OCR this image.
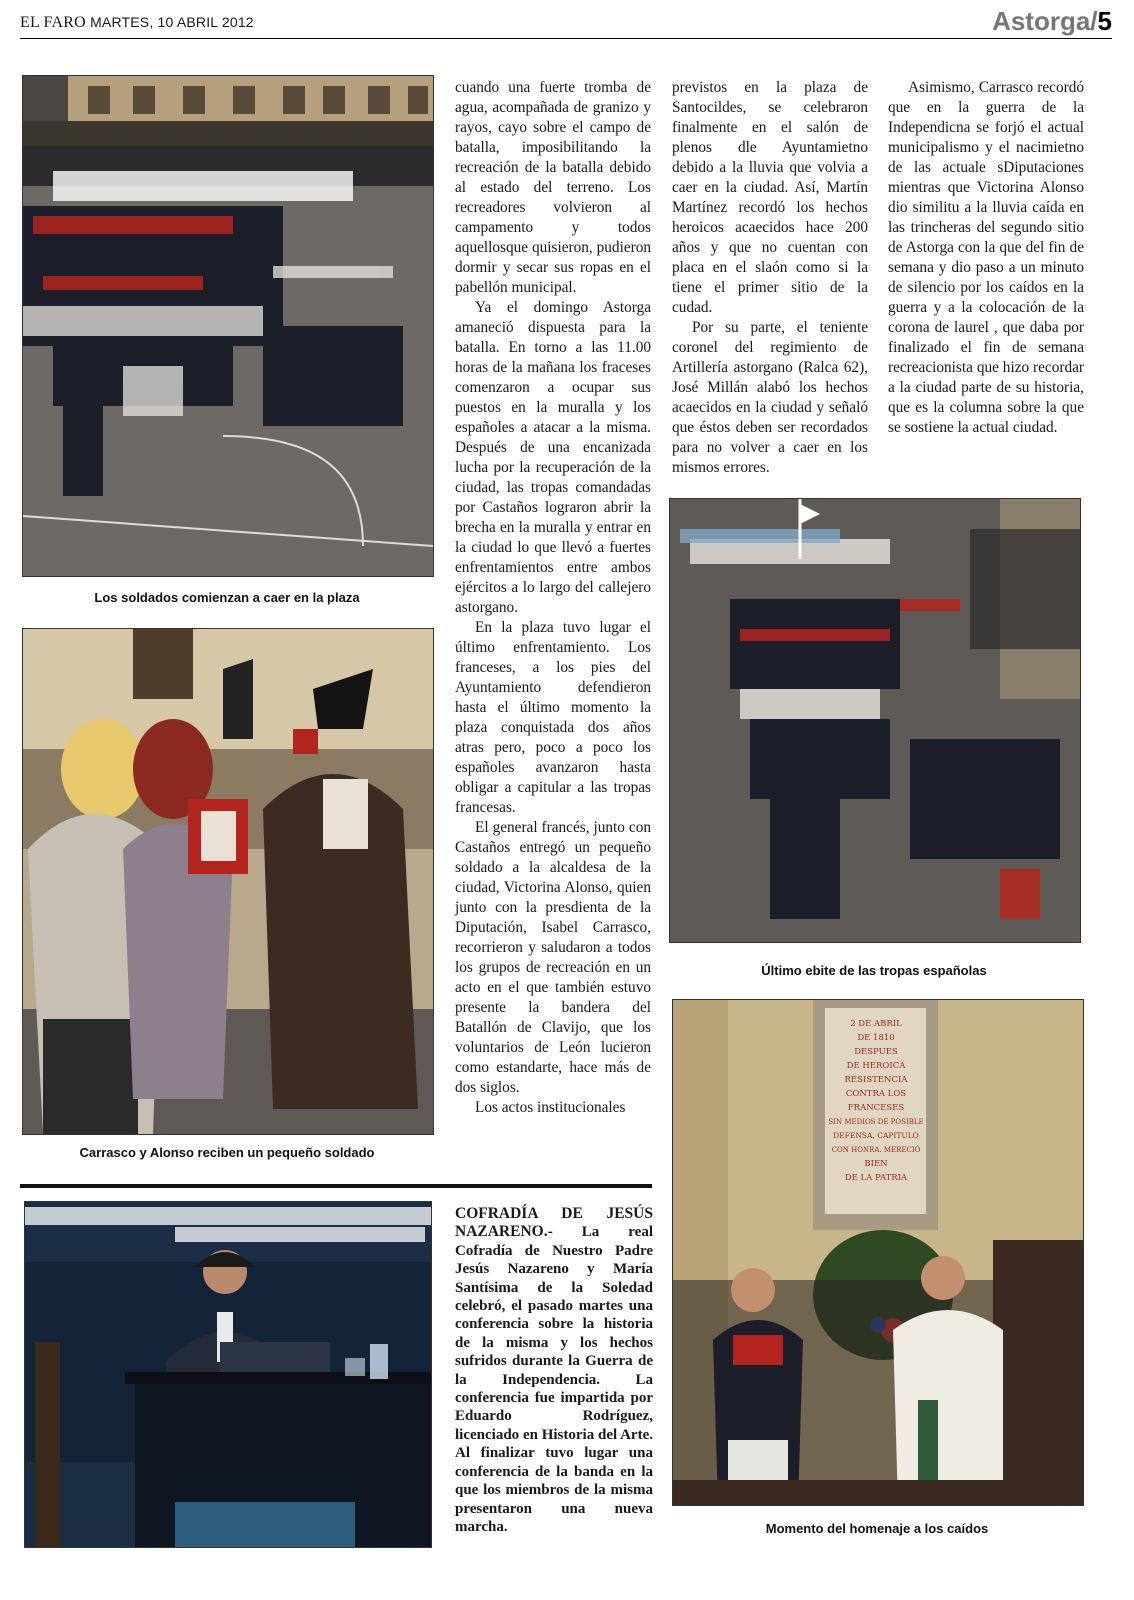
EL FARO MARTES, 10 ABRIL 2012	Astorga/5
Los soldados comienzan a caer en la plaza
Carrasco y Alonso reciben un pequeño soldado

cuando una fuerte tromba de agua, acompañada de granizo y rayos, cayo sobre el campo de batalla, imposibilitando la recreación de la batalla debido al estado del terreno. Los recreadores volvieron al campamento y todos aquellosque quisieron, pudieron dormir y secar sus ropas en el pabellón municipal.

Ya el domingo Astorga amaneció dispuesta para la batalla. En torno a las 11.00 horas de la mañana los fraceses comenzaron a ocupar sus puestos en la muralla y los españoles a atacar a la misma. Después de una encanizada lucha por la recuperación de la ciudad, las tropas comandadas por Castaños lograron abrir la brecha en la muralla y entrar en la ciudad lo que llevó a fuertes enfrentamientos entre ambos ejércitos a lo largo del callejero astorgano.

En la plaza tuvo lugar el último enfrentamiento. Los franceses, a los pies del Ayuntamiento defendieron hasta el último momento la plaza conquistada dos años atras pero, poco a poco los españoles avanzaron hasta obligar a capitular a las tropas francesas.

El general francés, junto con Castaños entregó un pequeño soldado a la alcaldesa de la ciudad, Victorina Alonso, quien junto con la presdienta de la Diputación, Isabel Carrasco, recorrieron y saludaron a todos los grupos de recreación en un acto en el que también estuvo presente la bandera del Batallón de Clavijo, que los voluntarios de León lucieron como estandarte, hace más de dos siglos.

Los actos institucionales

previstos en la plaza de Santocildes, se celebraron finalmente en el salón de plenos dle Ayuntamietno debido a la lluvia que volvia a caer en la ciudad. Así, Martín Martínez recordó los hechos heroicos acaecidos hace 200 años y que no cuentan con placa en el slaón como si la tiene el primer sitio de la cudad.

Por su parte, el teniente coronel del regimiento de Artillería astorgano (Ralca 62), José Millán alabó los hechos acaecidos en la ciudad y señaló que éstos deben ser recordados para no volver a caer en los mismos errores.

Asimismo, Carrasco recordó que en la guerra de la Independicna se forjó el actual municipalismo y el nacimietno de las actuale sDiputaciones mientras que Victorina Alonso dio similitu a la lluvia caída en las trincheras del segundo sitio de Astorga con la que del fin de semana y dio paso a un minuto de silencio por los caídos en la guerra y a la colocación de la corona de laurel , que daba por finalizado el fin de semana recreacionista que hizo recordar a la ciudad parte de su historia, que es la columna sobre la que se sostiene la actual ciudad.

Último ebite de las tropas españolas
2 DE ABRIL
DE 1810
DESPUES
DE HEROICA
RESISTENCIA
CONTRA LOS
FRANCESES
SIN MEDIOS DE POSIBLE
DEFENSA, CAPITULO
CON HONRA. MERECIÓ
BIEN
DE LA PATRIA
Momento del homenaje a los caídos
COFRADÍA DE JESÚS NAZARENO.- La real Cofradía de Nuestro Padre Jesús Nazareno y María Santísima de la Soledad celebró, el pasado martes una conferencia sobre la historia de la misma y los hechos sufridos durante la Guerra de la Independencia. La conferencia fue impartida por Eduardo Rodríguez, licenciado en Historia del Arte. Al finalizar tuvo lugar una conferencia de la banda en la que los miembros de la misma presentaron una nueva marcha.
